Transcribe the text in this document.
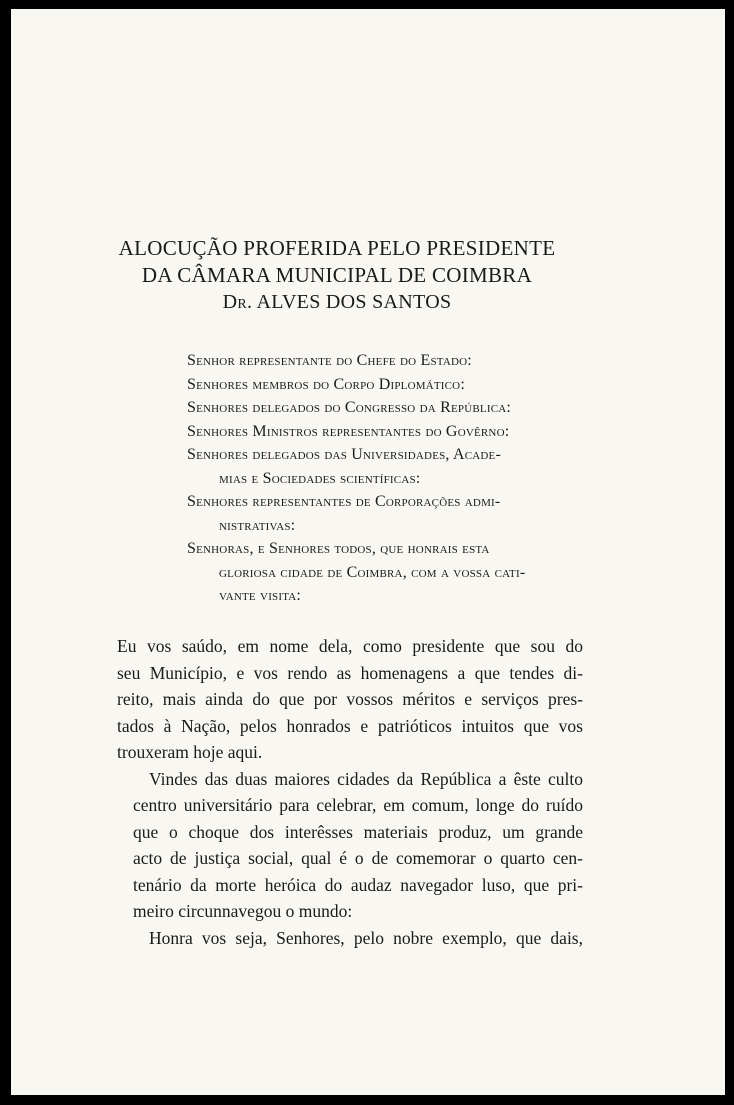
ALOCUÇÃO PROFERIDA PELO PRESIDENTE
DA CÂMARA MUNICIPAL DE COIMBRA
Dr. ALVES DOS SANTOS
Senhor representante do Chefe do Estado:
Senhores membros do Corpo Diplomático:
Senhores delegados do Congresso da República:
Senhores Ministros representantes do Govêrno:
Senhores delegados das Universidades, Acade-
mias e Sociedades scientíficas:
Senhores representantes de Corporações admi-
nistrativas:
Senhoras, e Senhores todos, que honrais esta
gloriosa cidade de Coimbra, com a vossa cati-
vante visita:

Eu vos saúdo, em nome dela, como presidente que sou do
seu Município, e vos rendo as homenagens a que tendes di-
reito, mais ainda do que por vossos méritos e serviços pres-
tados à Nação, pelos honrados e patrióticos intuitos que vos
trouxeram hoje aqui.

Vindes das duas maiores cidades da República a êste culto
centro universitário para celebrar, em comum, longe do ruído
que o choque dos interêsses materiais produz, um grande
acto de justiça social, qual é o de comemorar o quarto cen-
tenário da morte heróica do audaz navegador luso, que pri-
meiro circunnavegou o mundo:

Honra vos seja, Senhores, pelo nobre exemplo, que dais,
